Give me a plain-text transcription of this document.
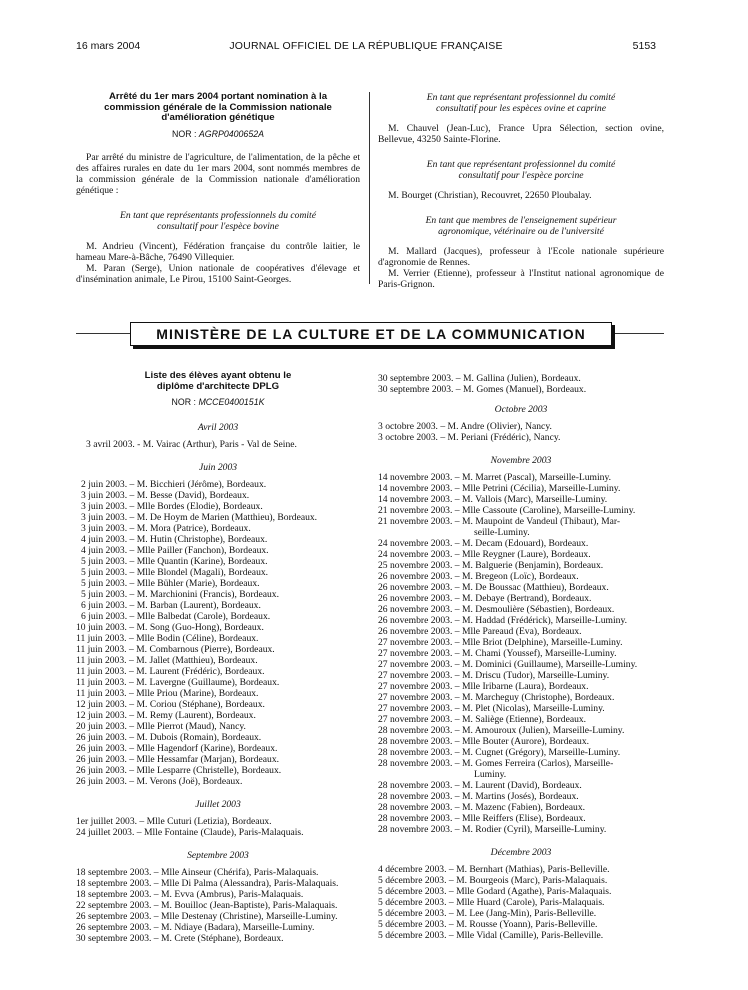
16 mars 2004	JOURNAL OFFICIEL DE LA RÉPUBLIQUE FRANÇAISE	5153
Arrêté du 1er mars 2004 portant nomination à la commission générale de la Commission nationale d'amélioration génétique
NOR : AGRP0400652A

Par arrêté du ministre de l'agriculture, de l'alimentation, de la pêche et des affaires rurales en date du 1er mars 2004, sont nommés membres de la commission générale de la Commission nationale d'amélioration génétique :

En tant que représentants professionnels du comité consultatif pour l'espèce bovine

M. Andrieu (Vincent), Fédération française du contrôle laitier, le hameau Mare-à-Bâche, 76490 Villequier.

M. Paran (Serge), Union nationale de coopératives d'élevage et d'insémination animale, Le Pirou, 15100 Saint-Georges.

En tant que représentant professionnel du comité consultatif pour les espèces ovine et caprine

M. Chauvel (Jean-Luc), France Upra Sélection, section ovine, Bellevue, 43250 Sainte-Florine.

En tant que représentant professionnel du comité consultatif pour l'espèce porcine

M. Bourget (Christian), Recouvret, 22650 Ploubalay.

En tant que membres de l'enseignement supérieur agronomique, vétérinaire ou de l'université

M. Mallard (Jacques), professeur à l'Ecole nationale supérieure d'agronomie de Rennes.

M. Verrier (Etienne), professeur à l'Institut national agronomique de Paris-Grignon.

MINISTÈRE DE LA CULTURE ET DE LA COMMUNICATION
Liste des élèves ayant obtenu le diplôme d'architecte DPLG
NOR : MCCE0400151K

Avril 2003

3 avril 2003. - M. Vairac (Arthur), Paris - Val de Seine.

Juin 2003

2 juin 2003. – M. Bicchieri (Jérôme), Bordeaux.

3 juin 2003. – M. Besse (David), Bordeaux.

3 juin 2003. – Mlle Bordes (Elodie), Bordeaux.

3 juin 2003. – M. De Hoym de Marien (Matthieu), Bordeaux.

3 juin 2003. – M. Mora (Patrice), Bordeaux.

4 juin 2003. – M. Hutin (Christophe), Bordeaux.

4 juin 2003. – Mlle Pailler (Fanchon), Bordeaux.

5 juin 2003. – Mlle Quantin (Karine), Bordeaux.

5 juin 2003. – Mlle Blondel (Magali), Bordeaux.

5 juin 2003. – Mlle Bühler (Marie), Bordeaux.

5 juin 2003. – M. Marchionini (Francis), Bordeaux.

6 juin 2003. – M. Barban (Laurent), Bordeaux.

6 juin 2003. – Mlle Balbedat (Carole), Bordeaux.

10 juin 2003. – M. Song (Guo-Hong), Bordeaux.

11 juin 2003. – Mlle Bodin (Céline), Bordeaux.

11 juin 2003. – M. Combarnous (Pierre), Bordeaux.

11 juin 2003. – M. Jallet (Matthieu), Bordeaux.

11 juin 2003. – M. Laurent (Frédéric), Bordeaux.

11 juin 2003. – M. Lavergne (Guillaume), Bordeaux.

11 juin 2003. – Mlle Priou (Marine), Bordeaux.

12 juin 2003. – M. Coriou (Stéphane), Bordeaux.

12 juin 2003. – M. Remy (Laurent), Bordeaux.

20 juin 2003. – Mlle Pierrot (Maud), Nancy.

26 juin 2003. – M. Dubois (Romain), Bordeaux.

26 juin 2003. – Mlle Hagendorf (Karine), Bordeaux.

26 juin 2003. – Mlle Hessamfar (Marjan), Bordeaux.

26 juin 2003. – Mlle Lesparre (Christelle), Bordeaux.

26 juin 2003. – M. Verons (Joë), Bordeaux.

Juillet 2003

1er juillet 2003. – Mlle Cuturi (Letizia), Bordeaux.

24 juillet 2003. – Mlle Fontaine (Claude), Paris-Malaquais.

Septembre 2003

18 septembre 2003. – Mlle Ainseur (Chérifa), Paris-Malaquais.

18 septembre 2003. – Mlle Di Palma (Alessandra), Paris-Malaquais.

18 septembre 2003. – M. Evva (Ambrus), Paris-Malaquais.

22 septembre 2003. – M. Bouilloc (Jean-Baptiste), Paris-Malaquais.

26 septembre 2003. – Mlle Destenay (Christine), Marseille-Luminy.

26 septembre 2003. – M. Ndiaye (Badara), Marseille-Luminy.

30 septembre 2003. – M. Crete (Stéphane), Bordeaux.

30 septembre 2003. – M. Gallina (Julien), Bordeaux.

30 septembre 2003. – M. Gomes (Manuel), Bordeaux.

Octobre 2003

3 octobre 2003. – M. Andre (Olivier), Nancy.

3 octobre 2003. – M. Periani (Frédéric), Nancy.

Novembre 2003

14 novembre 2003. – M. Marret (Pascal), Marseille-Luminy.

14 novembre 2003. – Mlle Petrini (Cécilia), Marseille-Luminy.

14 novembre 2003. – M. Vallois (Marc), Marseille-Luminy.

21 novembre 2003. – Mlle Cassoute (Caroline), Marseille-Luminy.

21 novembre 2003. – M. Maupoint de Vandeul (Thibaut), Mar-

seille-Luminy.

24 novembre 2003. – M. Decam (Edouard), Bordeaux.

24 novembre 2003. – Mlle Reygner (Laure), Bordeaux.

25 novembre 2003. – M. Balguerie (Benjamin), Bordeaux.

26 novembre 2003. – M. Bregeon (Loïc), Bordeaux.

26 novembre 2003. – M. De Boussac (Matthieu), Bordeaux.

26 novembre 2003. – M. Debaye (Bertrand), Bordeaux.

26 novembre 2003. – M. Desmoulière (Sébastien), Bordeaux.

26 novembre 2003. – M. Haddad (Frédérick), Marseille-Luminy.

26 novembre 2003. – Mlle Pareaud (Eva), Bordeaux.

27 novembre 2003. – Mlle Briot (Delphine), Marseille-Luminy.

27 novembre 2003. – M. Chami (Youssef), Marseille-Luminy.

27 novembre 2003. – M. Dominici (Guillaume), Marseille-Luminy.

27 novembre 2003. – M. Driscu (Tudor), Marseille-Luminy.

27 novembre 2003. – Mlle Iribarne (Laura), Bordeaux.

27 novembre 2003. – M. Marcheguy (Christophe), Bordeaux.

27 novembre 2003. – M. Plet (Nicolas), Marseille-Luminy.

27 novembre 2003. – M. Saliège (Etienne), Bordeaux.

28 novembre 2003. – M. Amouroux (Julien), Marseille-Luminy.

28 novembre 2003. – Mlle Bouter (Aurore), Bordeaux.

28 novembre 2003. – M. Cugnet (Grégory), Marseille-Luminy.

28 novembre 2003. – M. Gomes Ferreira (Carlos), Marseille-

Luminy.

28 novembre 2003. – M. Laurent (David), Bordeaux.

28 novembre 2003. – M. Martins (Josés), Bordeaux.

28 novembre 2003. – M. Mazenc (Fabien), Bordeaux.

28 novembre 2003. – Mlle Reiffers (Elise), Bordeaux.

28 novembre 2003. – M. Rodier (Cyril), Marseille-Luminy.

Décembre 2003

4 décembre 2003. – M. Bernhart (Mathias), Paris-Belleville.

5 décembre 2003. – M. Bourgeois (Marc), Paris-Malaquais.

5 décembre 2003. – Mlle Godard (Agathe), Paris-Malaquais.

5 décembre 2003. – Mlle Huard (Carole), Paris-Malaquais.

5 décembre 2003. – M. Lee (Jang-Min), Paris-Belleville.

5 décembre 2003. – M. Rousse (Yoann), Paris-Belleville.

5 décembre 2003. – Mlle Vidal (Camille), Paris-Belleville.
